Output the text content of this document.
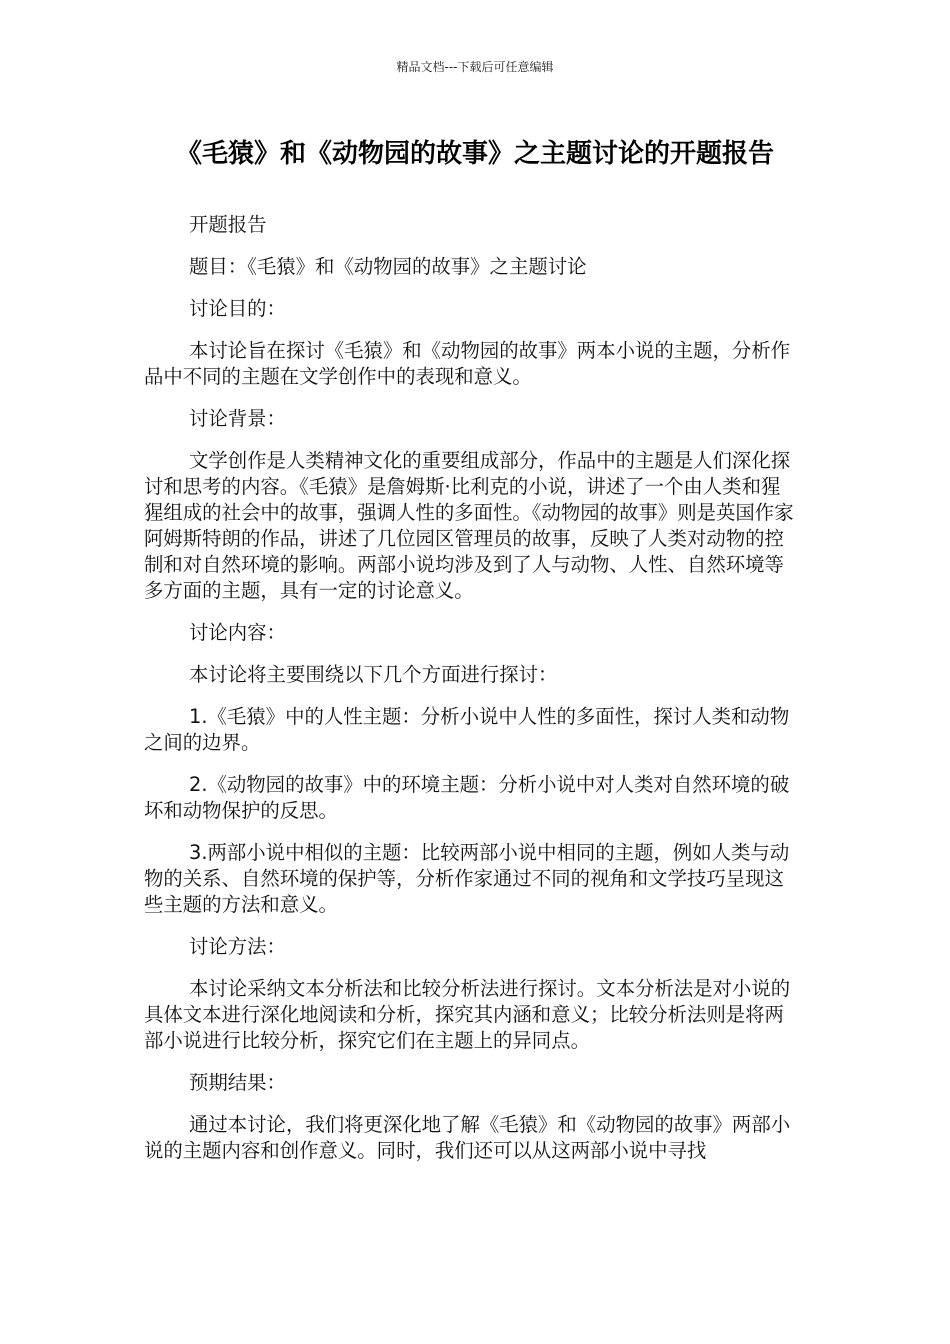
精品文档---下载后可任意编辑
《毛猿》和《动物园的故事》之主题讨论的开题报告

开题报告

题目：《毛猿》和《动物园的故事》之主题讨论

讨论目的：

本讨论旨在探讨《毛猿》和《动物园的故事》两本小说的主题，分析作品中不同的主题在文学创作中的表现和意义。

讨论背景：

文学创作是人类精神文化的重要组成部分，作品中的主题是人们深化探讨和思考的内容。《毛猿》是詹姆斯·比利克的小说，讲述了一个由人类和猩猩组成的社会中的故事，强调人性的多面性。《动物园的故事》则是英国作家阿姆斯特朗的作品，讲述了几位园区管理员的故事，反映了人类对动物的控制和对自然环境的影响。两部小说均涉及到了人与动物、人性、自然环境等多方面的主题，具有一定的讨论意义。

讨论内容：

本讨论将主要围绕以下几个方面进行探讨：

1.《毛猿》中的人性主题：分析小说中人性的多面性，探讨人类和动物之间的边界。

2.《动物园的故事》中的环境主题：分析小说中对人类对自然环境的破坏和动物保护的反思。

3.两部小说中相似的主题：比较两部小说中相同的主题，例如人类与动物的关系、自然环境的保护等，分析作家通过不同的视角和文学技巧呈现这些主题的方法和意义。

讨论方法：

本讨论采纳文本分析法和比较分析法进行探讨。文本分析法是对小说的具体文本进行深化地阅读和分析，探究其内涵和意义；比较分析法则是将两部小说进行比较分析，探究它们在主题上的异同点。

预期结果：

通过本讨论，我们将更深化地了解《毛猿》和《动物园的故事》两部小说的主题内容和创作意义。同时，我们还可以从这两部小说中寻找
